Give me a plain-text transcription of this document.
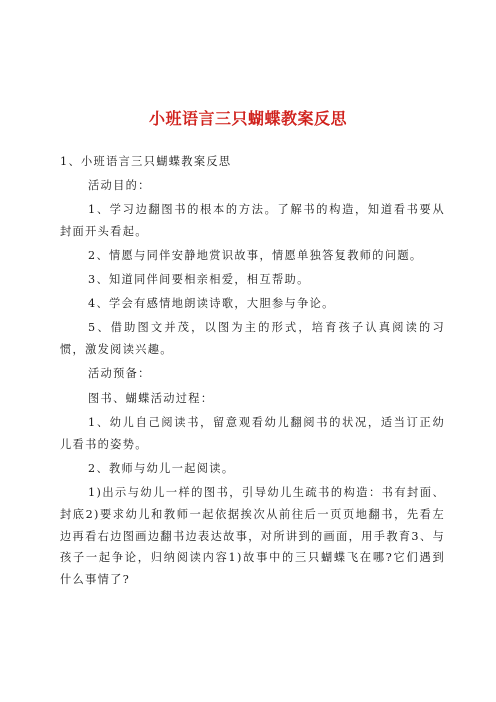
小班语言三只蝴蝶教案反思

1、小班语言三只蝴蝶教案反思

活动目的：

1、学习边翻图书的根本的方法。了解书的构造，知道看书要从封面开头看起。

2、情愿与同伴安静地赏识故事，情愿单独答复教师的问题。

3、知道同伴间要相亲相爱，相互帮助。

4、学会有感情地朗读诗歌，大胆参与争论。

5、借助图文并茂，以图为主的形式，培育孩子认真阅读的习惯，激发阅读兴趣。

活动预备：

图书、蝴蝶活动过程：

1、幼儿自己阅读书，留意观看幼儿翻阅书的状况，适当订正幼儿看书的姿势。

2、教师与幼儿一起阅读。

1)出示与幼儿一样的图书，引导幼儿生疏书的构造：书有封面、封底2)要求幼儿和教师一起依据挨次从前往后一页页地翻书，先看左边再看右边图画边翻书边表达故事，对所讲到的画面，用手教育3、与孩子一起争论，归纳阅读内容1)故事中的三只蝴蝶飞在哪?它们遇到什么事情了?
